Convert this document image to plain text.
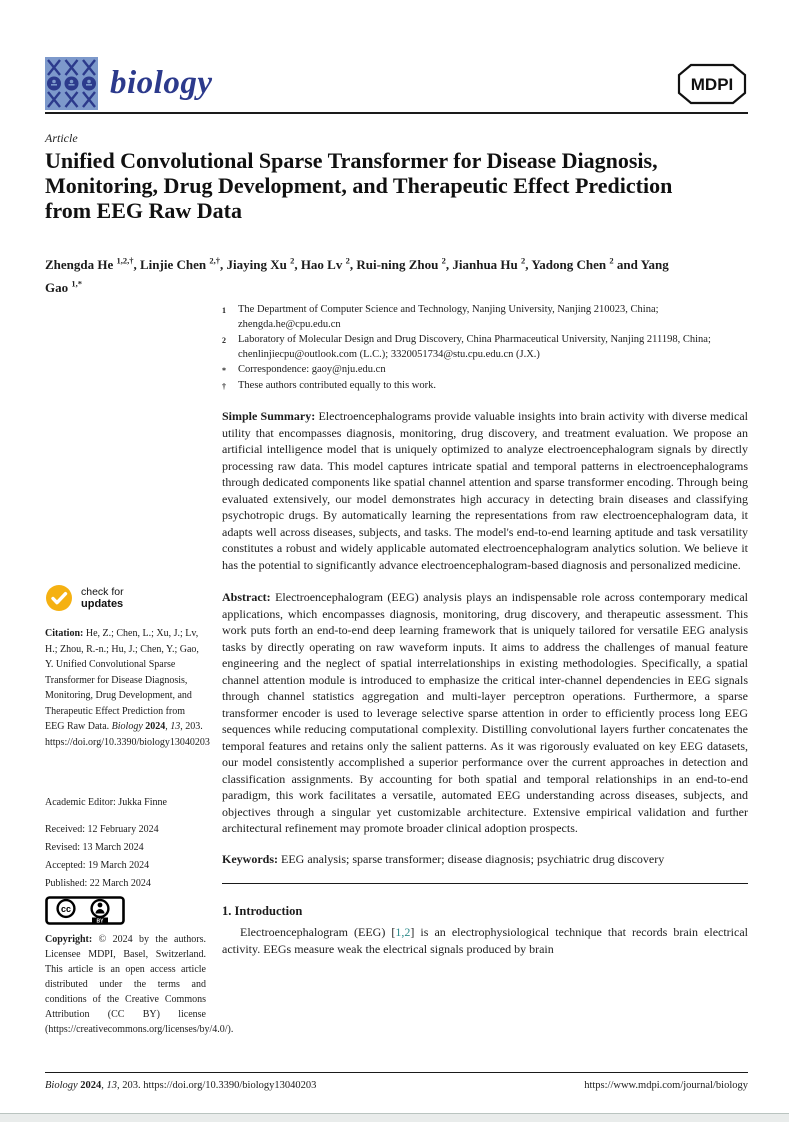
biology	MDPI
Article
Unified Convolutional Sparse Transformer for Disease Diagnosis, Monitoring, Drug Development, and Therapeutic Effect Prediction from EEG Raw Data

Zhengda He $^{1,2,\dagger}$, Linjie Chen $^{2,\dagger}$, Jiaying Xu $^2$, Hao Lv $^2$, Rui-ning Zhou $^2$, Jianhua Hu $^2$, Yadong Chen $^2$ and Yang Gao $^{1,*}$

1	The Department of Computer Science and Technology, Nanjing University, Nanjing 210023, China; zhengda.he@cpu.edu.cn
2	Laboratory of Molecular Design and Drug Discovery, China Pharmaceutical University, Nanjing 211198, China; chenlinjiecpu@outlook.com (L.C.); 3320051734@stu.cpu.edu.cn (J.X.)
*	Correspondence: gaoy@nju.edu.cn
†	These authors contributed equally to this work.

Simple Summary: Electroencephalograms provide valuable insights into brain activity with diverse medical utility that encompasses diagnosis, monitoring, drug discovery, and treatment evaluation. We propose an artificial intelligence model that is uniquely optimized to analyze electroencephalogram signals by directly processing raw data. This model captures intricate spatial and temporal patterns in electroencephalograms through dedicated components like spatial channel attention and sparse transformer encoding. Through being evaluated extensively, our model demonstrates high accuracy in detecting brain diseases and classifying psychotropic drugs. By automatically learning the representations from raw electroencephalogram data, it adapts well across diseases, subjects, and tasks. The model's end-to-end learning aptitude and task versatility constitutes a robust and widely applicable automated electroencephalogram analytics solution. We believe it has the potential to significantly advance electroencephalogram-based diagnosis and personalized medicine.

Abstract: Electroencephalogram (EEG) analysis plays an indispensable role across contemporary medical applications, which encompasses diagnosis, monitoring, drug discovery, and therapeutic assessment. This work puts forth an end-to-end deep learning framework that is uniquely tailored for versatile EEG analysis tasks by directly operating on raw waveform inputs. It aims to address the challenges of manual feature engineering and the neglect of spatial interrelationships in existing methodologies. Specifically, a spatial channel attention module is introduced to emphasize the critical inter-channel dependencies in EEG signals through channel statistics aggregation and multi-layer perceptron operations. Furthermore, a sparse transformer encoder is used to leverage selective sparse attention in order to efficiently process long EEG sequences while reducing computational complexity. Distilling convolutional layers further concatenates the temporal features and retains only the salient patterns. As it was rigorously evaluated on key EEG datasets, our model consistently accomplished a superior performance over the current approaches in detection and classification assignments. By accounting for both spatial and temporal relationships in an end-to-end paradigm, this work facilitates a versatile, automated EEG understanding across diseases, subjects, and objectives through a singular yet customizable architecture. Extensive empirical validation and further architectural refinement may promote broader clinical adoption prospects.

Keywords: EEG analysis; sparse transformer; disease diagnosis; psychiatric drug discovery

1. Introduction

Electroencephalogram (EEG) [1,2] is an electrophysiological technique that records brain electrical activity. EEGs measure weak the electrical signals produced by brain

check for
updates
Citation: He, Z.; Chen, L.; Xu, J.; Lv, H.; Zhou, R.-n.; Hu, J.; Chen, Y.; Gao, Y. Unified Convolutional Sparse Transformer for Disease Diagnosis, Monitoring, Drug Development, and Therapeutic Effect Prediction from EEG Raw Data. Biology 2024, 13, 203. https://doi.org/10.3390/biology13040203
Academic Editor: Jukka Finne
Received: 12 February 2024
Revised: 13 March 2024
Accepted: 19 March 2024
Published: 22 March 2024
cc
BY
Copyright: © 2024 by the authors. Licensee MDPI, Basel, Switzerland. This article is an open access article distributed under the terms and conditions of the Creative Commons Attribution (CC BY) license (https://creativecommons.org/licenses/by/4.0/).
Biology 2024, 13, 203. https://doi.org/10.3390/biology13040203	https://www.mdpi.com/journal/biology
